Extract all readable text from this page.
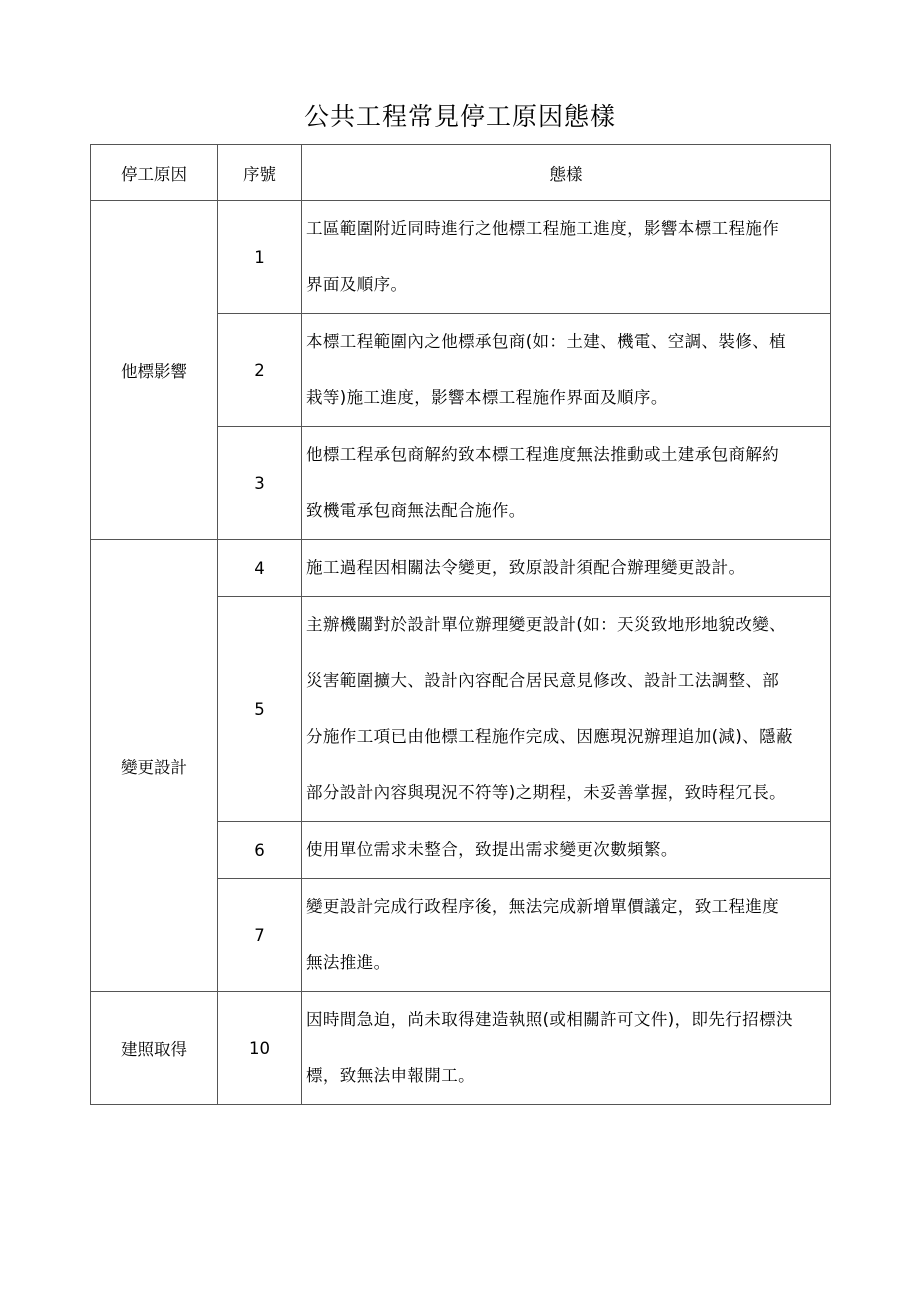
公共工程常見停工原因態樣
停工原因	序號	態樣
他標影響	1	工區範圍附近同時進行之他標工程施工進度，影響本標工程施作
界面及順序。

	2	本標工程範圍內之他標承包商(如：土建、機電、空調、裝修、植
栽等)施工進度，影響本標工程施作界面及順序。

	3	他標工程承包商解約致本標工程進度無法推動或土建承包商解約
致機電承包商無法配合施作。

變更設計	4	施工過程因相關法令變更，致原設計須配合辦理變更設計。

	5	主辦機關對於設計單位辦理變更設計(如：天災致地形地貌改變、
災害範圍擴大、設計內容配合居民意見修改、設計工法調整、部
分施作工項已由他標工程施作完成、因應現況辦理追加(減)、隱蔽
部分設計內容與現況不符等)之期程，未妥善掌握，致時程冗長。

	6	使用單位需求未整合，致提出需求變更次數頻繁。

	7	變更設計完成行政程序後，無法完成新增單價議定，致工程進度
無法推進。

建照取得	10	因時間急迫，尚未取得建造執照(或相關許可文件)，即先行招標決
標，致無法申報開工。
